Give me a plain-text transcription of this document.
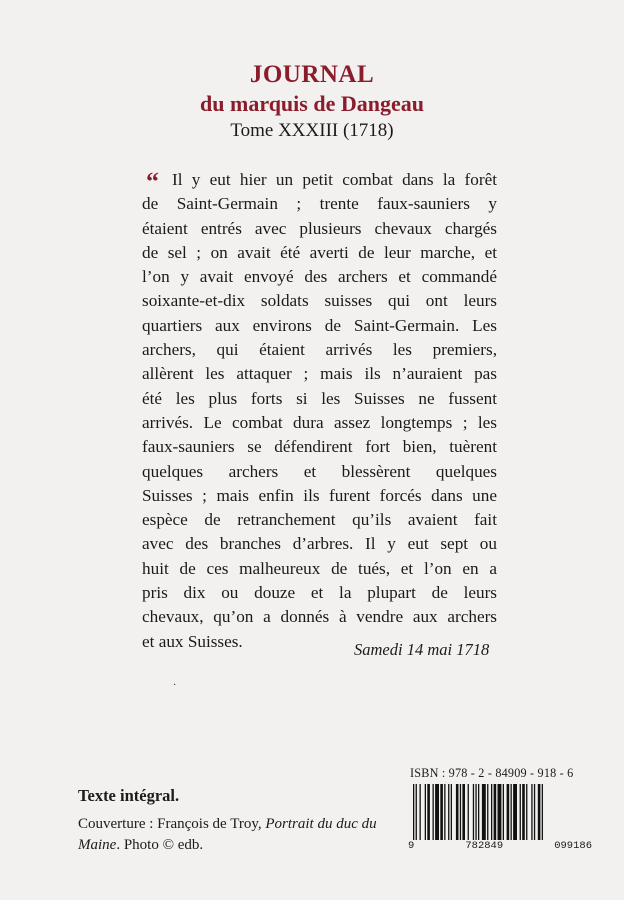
JOURNAL
du marquis de Dangeau
Tome XXXIII (1718)
“ Il y eut hier un petit combat dans la forêt
de Saint-Germain ; trente faux-sauniers y
étaient entrés avec plusieurs chevaux chargés
de sel ; on avait été averti de leur marche, et
l’on y avait envoyé des archers et commandé
soixante-et-dix soldats suisses qui ont leurs
quartiers aux environs de Saint-Germain. Les
archers, qui étaient arrivés les premiers,
allèrent les attaquer ; mais ils n’auraient pas
été les plus forts si les Suisses ne fussent
arrivés. Le combat dura assez longtemps ; les
faux-sauniers se défendirent fort bien, tuèrent
quelques archers et blessèrent quelques
Suisses ; mais enfin ils furent forcés dans une
espèce de retranchement qu’ils avaient fait
avec des branches d’arbres. Il y eut sept ou
huit de ces malheureux de tués, et l’on en a
pris dix ou douze et la plupart de leurs
chevaux, qu’on a donnés à vendre aux archers
et aux Suisses.	Samedi 14 mai 1718
·
Texte intégral.
Couverture : François de Troy, Portrait du duc du Maine. Photo © edb.
ISBN : 978 - 2 - 84909 - 918 - 6
9	782849	099186
